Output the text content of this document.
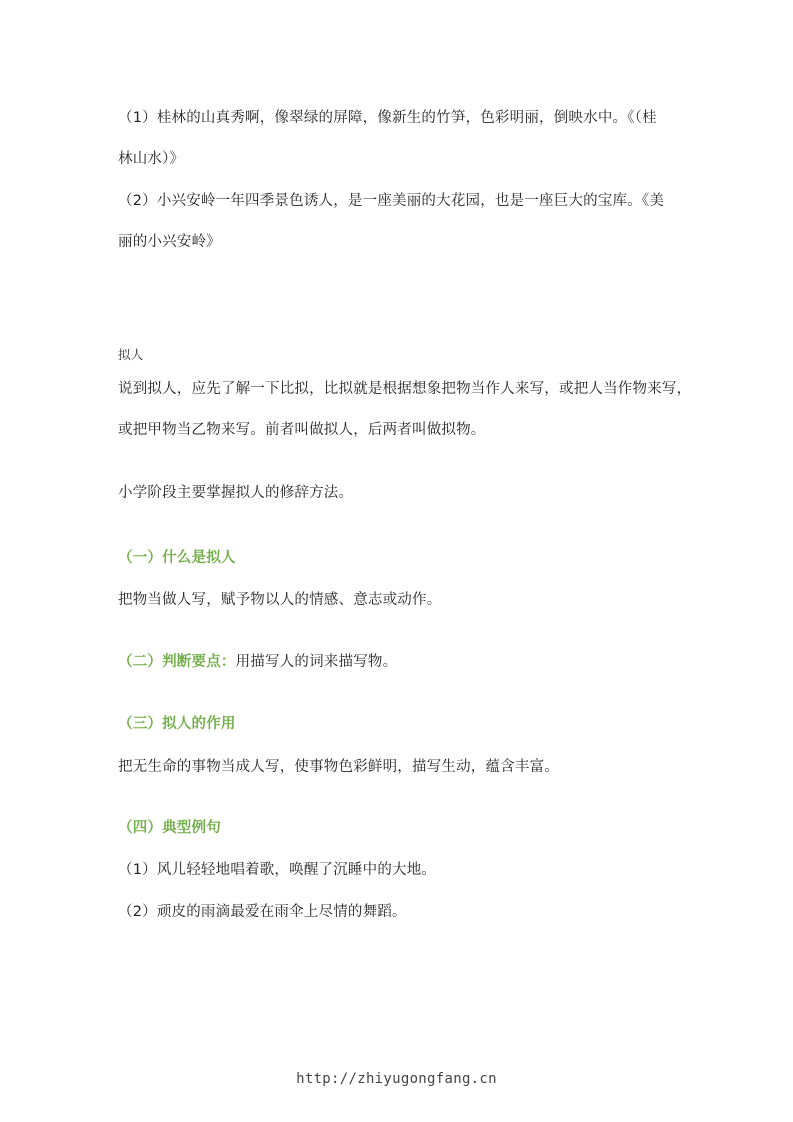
（1）桂林的山真秀啊，像翠绿的屏障，像新生的竹笋，色彩明丽，倒映水中。《（桂
林山水）》
（2）小兴安岭一年四季景色诱人，是一座美丽的大花园，也是一座巨大的宝库。《美
丽的小兴安岭》
拟人
说到拟人，应先了解一下比拟，比拟就是根据想象把物当作人来写，或把人当作物来写，
或把甲物当乙物来写。前者叫做拟人，后两者叫做拟物。
小学阶段主要掌握拟人的修辞方法。
（一）什么是拟人
把物当做人写，赋予物以人的情感、意志或动作。
（二）判断要点：用描写人的词来描写物。
（三）拟人的作用
把无生命的事物当成人写，使事物色彩鲜明，描写生动，蕴含丰富。
（四）典型例句
（1）风儿轻轻地唱着歌，唤醒了沉睡中的大地。
（2）顽皮的雨滴最爱在雨伞上尽情的舞蹈。
http://zhiyugongfang.cn
